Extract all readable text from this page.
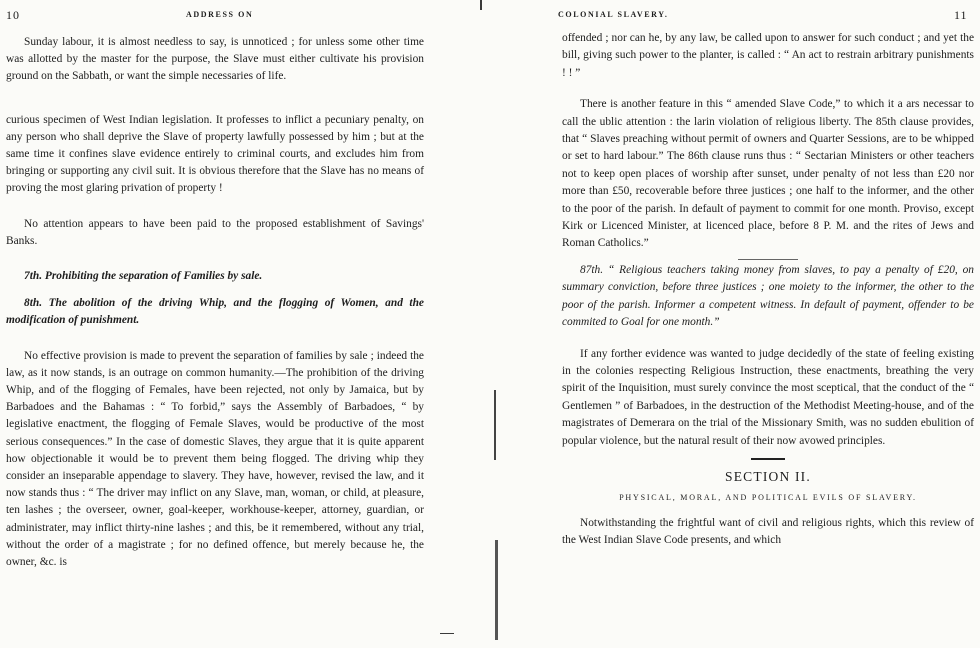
10	ADDRESS ON

Sunday labour, it is almost needless to say, is unnoticed ; for unless some other time was allotted by the master for the purpose, the Slave must either cultivate his provision ground on the Sabbath, or want the simple necessaries of life.

curious specimen of West Indian legislation. It professes to inflict a pecuniary penalty, on any person who shall deprive the Slave of property lawfully possessed by him ; but at the same time it confines slave evidence entirely to criminal courts, and excludes him from bringing or supporting any civil suit. It is obvious therefore that the Slave has no means of proving the most glaring privation of property !

No attention appears to have been paid to the proposed establishment of Savings' Banks.

7th. Prohibiting the separation of Families by sale.

8th. The abolition of the driving Whip, and the flogging of Women, and the modification of punishment.

No effective provision is made to prevent the separation of families by sale ; indeed the law, as it now stands, is an outrage on common humanity.—The prohibition of the driving Whip, and of the flogging of Females, have been rejected, not only by Jamaica, but by Barbadoes and the Bahamas : “ To forbid,” says the Assembly of Barbadoes, “ by legislative enactment, the flogging of Female Slaves, would be productive of the most serious consequences.” In the case of domestic Slaves, they argue that it is quite apparent how objectionable it would be to prevent them being flogged. The driving whip they consider an inseparable appendage to slavery. They have, however, revised the law, and it now stands thus : “ The driver may inflict on any Slave, man, woman, or child, at pleasure, ten lashes ; the overseer, owner, goal-keeper, workhouse-keeper, attorney, guardian, or administrater, may inflict thirty-nine lashes ; and this, be it remembered, without any trial, without the order of a magistrate ; for no defined offence, but merely because he, the owner, &c. is

COLONIAL SLAVERY.	11

offended ; nor can he, by any law, be called upon to answer for such conduct ; and yet the bill, giving such power to the planter, is called : “ An act to restrain arbitrary punishments ! ! ”

There is another feature in this “ amended Slave Code,” to which it a ars necessar to call the ublic attention : the larin violation of religious liberty. The 85th clause provides, that “ Slaves preaching without permit of owners and Quarter Sessions, are to be whipped or set to hard labour.” The 86th clause runs thus : “ Sectarian Ministers or other teachers not to keep open places of worship after sunset, under penalty of not less than £20 nor more than £50, recoverable before three justices ; one half to the informer, and the other to the poor of the parish. In default of payment to commit for one month. Proviso, except Kirk or Licenced Minister, at licenced place, before 8 P. M. and the rites of Jews and Roman Catholics.”

87th. “ Religious teachers taking money from slaves, to pay a penalty of £20, on summary conviction, before three justices ; one moiety to the informer, the other to the poor of the parish. Informer a competent witness. In default of payment, offender to be commited to Goal for one month.”

If any forther evidence was wanted to judge decidedly of the state of feeling existing in the colonies respecting Religious Instruction, these enactments, breathing the very spirit of the Inquisition, must surely convince the most sceptical, that the conduct of the “ Gentlemen ” of Barbadoes, in the destruction of the Methodist Meeting-house, and of the magistrates of Demerara on the trial of the Missionary Smith, was no sudden ebulition of popular violence, but the natural result of their now avowed principles.

SECTION II.

PHYSICAL, MORAL, AND POLITICAL EVILS OF SLAVERY.

Notwithstanding the frightful want of civil and religious rights, which this review of the West Indian Slave Code presents, and which
